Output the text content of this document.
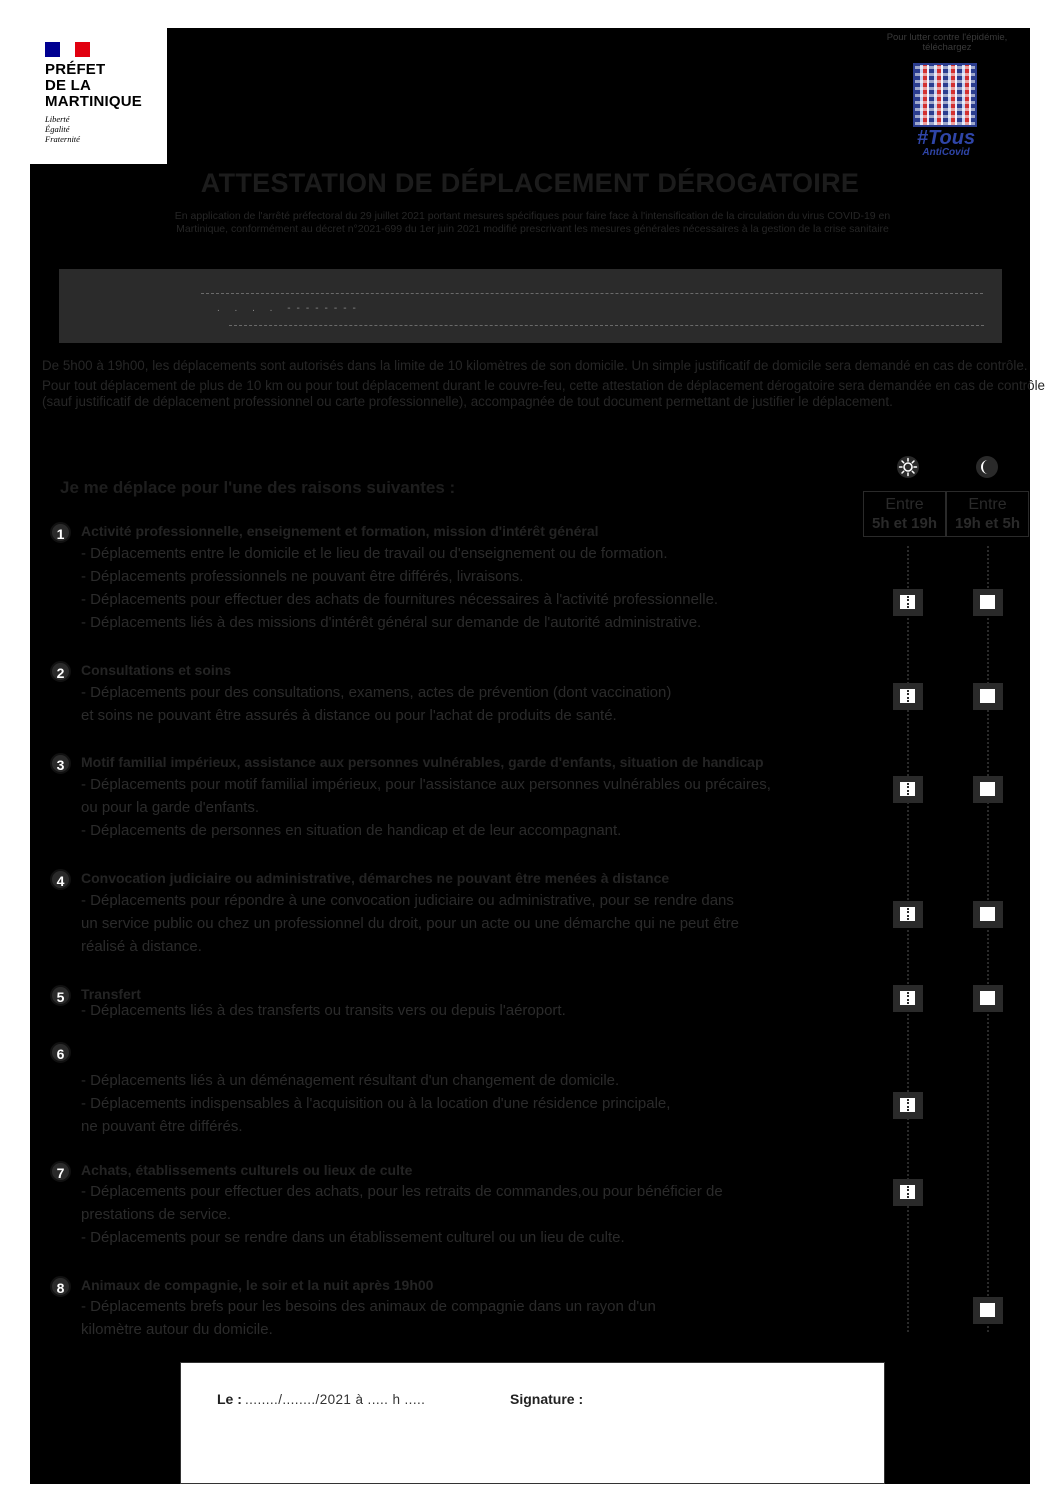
PRÉFET
DE LA
MARTINIQUE
Liberté
Égalité
Fraternité
Pour lutter contre l'épidémie,
téléchargez
#Tous
AntiCovid
ATTESTATION DE DÉPLACEMENT DÉROGATOIRE
En application de l'arrêté préfectoral du 29 juillet 2021 portant mesures spécifiques pour faire face à l'intensification de la circulation du virus COVID-19 en Martinique, conformément au décret n°2021-699 du 1er juin 2021 modifié prescrivant les mesures générales nécessaires à la gestion de la crise sanitaire
. . . . --------

De 5h00 à 19h00, les déplacements sont autorisés dans la limite de 10 kilomètres de son domicile. Un simple justificatif de domicile sera demandé en cas de contrôle.

Pour tout déplacement de plus de 10 km ou pour tout déplacement durant le couvre-feu, cette attestation de déplacement dérogatoire sera demandée en cas de contrôle (sauf justificatif de déplacement professionnel ou carte professionnelle), accompagnée de tout document permettant de justifier le déplacement.

Je me déplace pour l'une des raisons suivantes :
Entre
5h et 19h
Entre
19h et 5h
1	Activité professionnelle, enseignement et formation, mission d'intérêt général
- Déplacements entre le domicile et le lieu de travail ou d'enseignement ou de formation.
- Déplacements professionnels ne pouvant être différés, livraisons.
- Déplacements pour effectuer des achats de fournitures nécessaires à l'activité professionnelle.
- Déplacements liés à des missions d'intérêt général sur demande de l'autorité administrative.
2	Consultations et soins
- Déplacements pour des consultations, examens, actes de prévention (dont vaccination)
et soins ne pouvant être assurés à distance ou pour l'achat de produits de santé.
3	Motif familial impérieux, assistance aux personnes vulnérables, garde d'enfants, situation de handicap
- Déplacements pour motif familial impérieux, pour l'assistance aux personnes vulnérables ou précaires,
ou pour la garde d'enfants.
- Déplacements de personnes en situation de handicap et de leur accompagnant.
4	Convocation judiciaire ou administrative, démarches ne pouvant être menées à distance
- Déplacements pour répondre à une convocation judiciaire ou administrative, pour se rendre dans
un service public ou chez un professionnel du droit, pour un acte ou une démarche qui ne peut être
réalisé à distance.
5	Transfert
- Déplacements liés à des transferts ou transits vers ou depuis l'aéroport.
6
- Déplacements liés à un déménagement résultant d'un changement de domicile.
- Déplacements indispensables à l'acquisition ou à la location d'une résidence principale,
ne pouvant être différés.
7	Achats, établissements culturels ou lieux de culte
- Déplacements pour effectuer des achats, pour les retraits de commandes,ou pour bénéficier de
prestations de service.
- Déplacements pour se rendre dans un établissement culturel ou un lieu de culte.
8	Animaux de compagnie, le soir et la nuit après 19h00
- Déplacements brefs pour les besoins des animaux de compagnie dans un rayon d'un
kilomètre autour du domicile.
Le : ......../......../2021 à ..... h .....	Signature :
